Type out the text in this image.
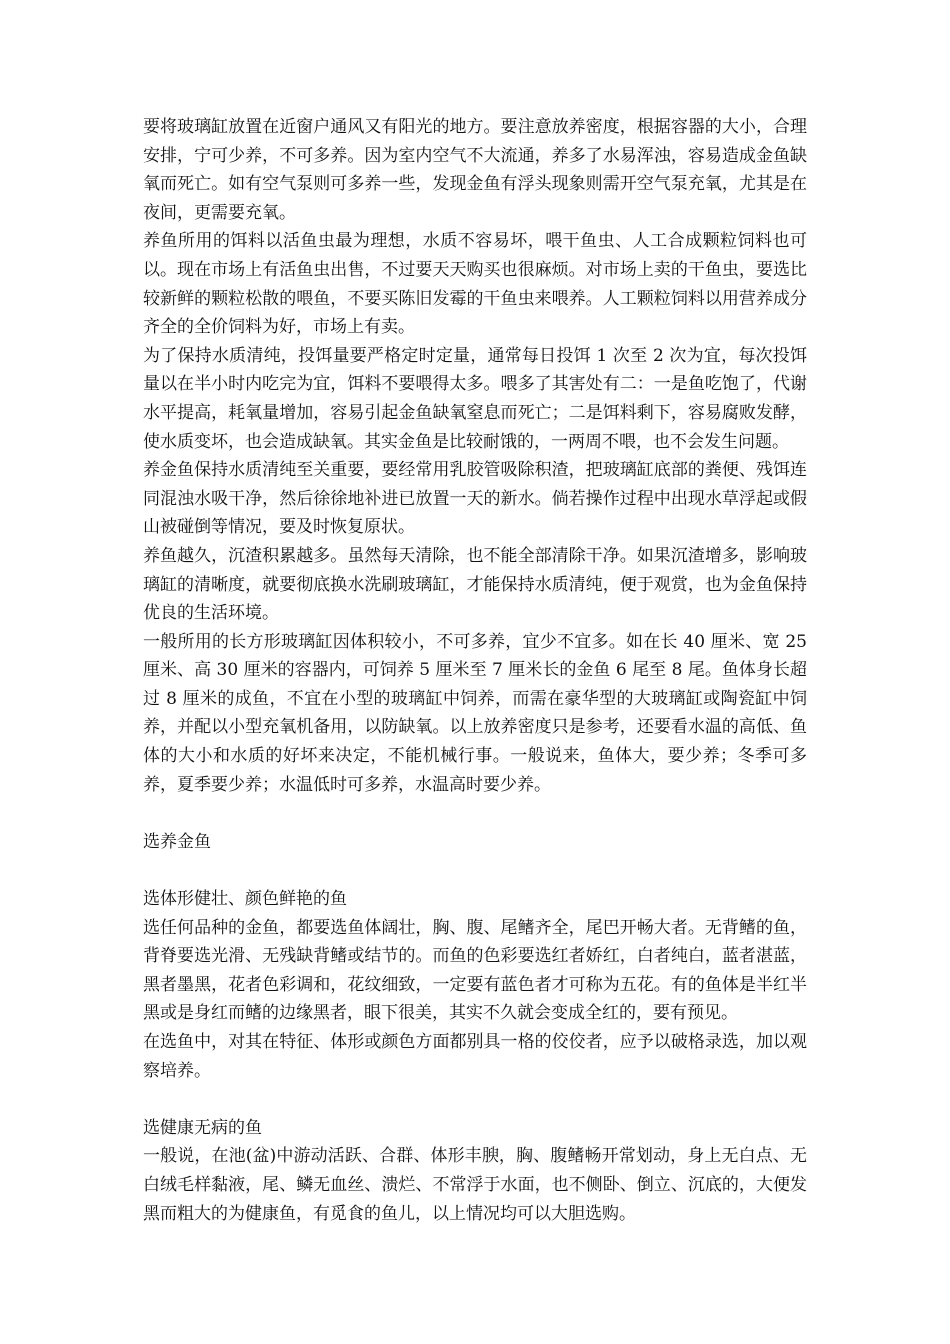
要将玻璃缸放置在近窗户通风又有阳光的地方。要注意放养密度，根据容器的大小，合理安排，宁可少养，不可多养。因为室内空气不大流通，养多了水易浑浊，容易造成金鱼缺氧而死亡。如有空气泵则可多养一些，发现金鱼有浮头现象则需开空气泵充氧，尤其是在夜间，更需要充氧。

养鱼所用的饵料以活鱼虫最为理想，水质不容易坏，喂干鱼虫、人工合成颗粒饲料也可以。现在市场上有活鱼虫出售，不过要天天购买也很麻烦。对市场上卖的干鱼虫，要选比较新鲜的颗粒松散的喂鱼，不要买陈旧发霉的干鱼虫来喂养。人工颗粒饲料以用营养成分齐全的全价饲料为好，市场上有卖。

为了保持水质清纯，投饵量要严格定时定量，通常每日投饵 1 次至 2 次为宜，每次投饵量以在半小时内吃完为宜，饵料不要喂得太多。喂多了其害处有二：一是鱼吃饱了，代谢水平提高，耗氧量增加，容易引起金鱼缺氧窒息而死亡；二是饵料剩下，容易腐败发酵，使水质变坏，也会造成缺氧。其实金鱼是比较耐饿的，一两周不喂，也不会发生问题。

养金鱼保持水质清纯至关重要，要经常用乳胶管吸除积渣，把玻璃缸底部的粪便、残饵连同混浊水吸干净，然后徐徐地补进已放置一天的新水。倘若操作过程中出现水草浮起或假山被碰倒等情况，要及时恢复原状。

养鱼越久，沉渣积累越多。虽然每天清除，也不能全部清除干净。如果沉渣增多，影响玻璃缸的清晰度，就要彻底换水洗刷玻璃缸，才能保持水质清纯，便于观赏，也为金鱼保持优良的生活环境。

一般所用的长方形玻璃缸因体积较小，不可多养，宜少不宜多。如在长 40 厘米、宽 25 厘米、高 30 厘米的容器内，可饲养 5 厘米至 7 厘米长的金鱼 6 尾至 8 尾。鱼体身长超过 8 厘米的成鱼，不宜在小型的玻璃缸中饲养，而需在豪华型的大玻璃缸或陶瓷缸中饲养，并配以小型充氧机备用，以防缺氧。以上放养密度只是参考，还要看水温的高低、鱼体的大小和水质的好坏来决定，不能机械行事。一般说来，鱼体大，要少养；冬季可多养，夏季要少养；水温低时可多养，水温高时要少养。

选养金鱼

选体形健壮、颜色鲜艳的鱼

选任何品种的金鱼，都要选鱼体阔壮，胸、腹、尾鳍齐全，尾巴开畅大者。无背鳍的鱼，背脊要选光滑、无残缺背鳍或结节的。而鱼的色彩要选红者娇红，白者纯白，蓝者湛蓝，黑者墨黑，花者色彩调和，花纹细致，一定要有蓝色者才可称为五花。有的鱼体是半红半黑或是身红而鳍的边缘黑者，眼下很美，其实不久就会变成全红的，要有预见。

在选鱼中，对其在特征、体形或颜色方面都别具一格的佼佼者，应予以破格录选，加以观察培养。

选健康无病的鱼

一般说，在池(盆)中游动活跃、合群、体形丰腴，胸、腹鳍畅开常划动，身上无白点、无白绒毛样黏液，尾、鳞无血丝、溃烂、不常浮于水面，也不侧卧、倒立、沉底的，大便发黑而粗大的为健康鱼，有觅食的鱼儿，以上情况均可以大胆选购。
